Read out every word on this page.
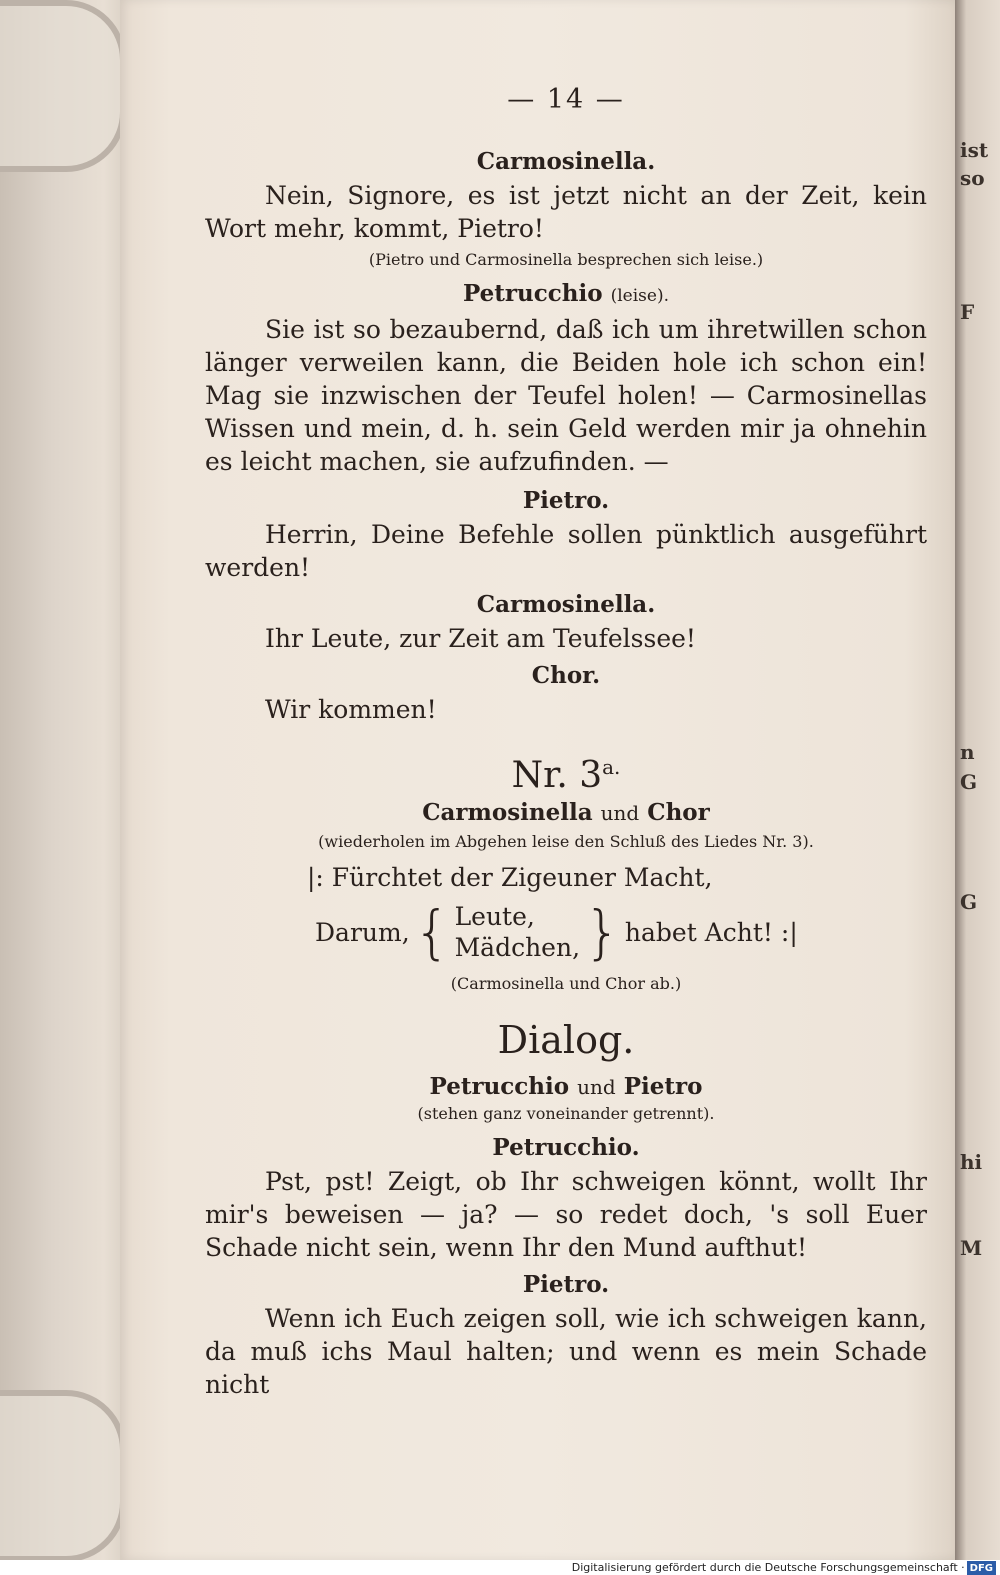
ist
so
F
n
G
G
hi
M
— 14 —
Carmosinella.

Nein, Signore, es ist jetzt nicht an der Zeit, kein Wort mehr, kommt, Pietro!

(Pietro und Carmosinella besprechen sich leise.)
Petrucchio (leise).

Sie ist so bezaubernd, daß ich um ihretwillen schon länger verweilen kann, die Beiden hole ich schon ein! Mag sie inzwischen der Teufel holen! — Carmosinellas Wissen und mein, d. h. sein Geld werden mir ja ohnehin es leicht machen, sie aufzufinden. —

Pietro.

Herrin, Deine Befehle sollen pünktlich ausgeführt werden!

Carmosinella.

Ihr Leute, zur Zeit am Teufelssee!

Chor.

Wir kommen!

Nr. $3^{a.}$
Carmosinella und Chor
(wiederholen im Abgehen leise den Schluß des Liedes Nr. 3).
|: Fürchtet der Zigeuner Macht,
Darum, { Leute,
Mädchen, } habet Acht! :|
(Carmosinella und Chor ab.)
Dialog.
Petrucchio und Pietro
(stehen ganz voneinander getrennt).
Petrucchio.

Pst, pst! Zeigt, ob Ihr schweigen könnt, wollt Ihr mir's beweisen — ja? — so redet doch, 's soll Euer Schade nicht sein, wenn Ihr den Mund aufthut!

Pietro.

Wenn ich Euch zeigen soll, wie ich schweigen kann, da muß ichs Maul halten; und wenn es mein Schade nicht

Digitalisierung gefördert durch die Deutsche Forschungsgemeinschaft · DFG
